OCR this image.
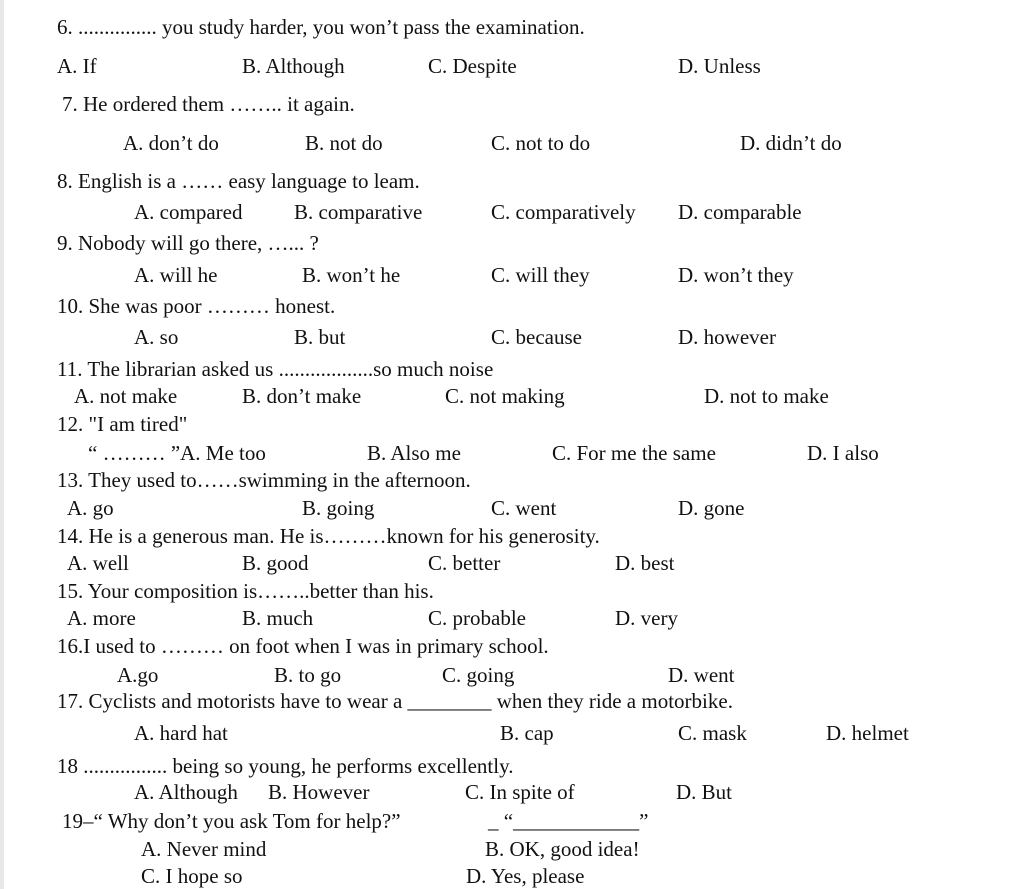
6. ............... you study harder, you won’t pass the examination.
A. If	B. Although	C. Despite	D. Unless
7. He ordered them …….. it again.
A. don’t do	B. not do	C. not to do	D. didn’t do
8. English is a …… easy language to leam.
A. compared B. comparative	C. comparatively D. comparable
9. Nobody will go there, …... ?
A. will he	B. won’t he	C. will they	D. won’t they
10. She was poor ……… honest.
A. so	B. but	C. because	D. however
11. The librarian asked us ..................so much noise
A. not make	B. don’t make	C. not making	D. not to make
12. "I am tired"
“ ……… ”A. Me too	B. Also me	C. For me the same	D. I also
13. They used to……swimming in the afternoon.
A. go	B. going	C. went	D. gone
14. He is a generous man. He is………known for his generosity.
A. well	B. good	C. better	D. best
15. Your composition is……..better than his.
A. more	B. much	C. probable	D. very
16.I used to ……… on foot when I was in primary school.
A.go	B. to go	C. going	D. went
17. Cyclists and motorists have to wear a ________ when they ride a motorbike.
A. hard hat	B. cap	C. mask	D. helmet
18 ................ being so young, he performs excellently.
A. Although B. However	C. In spite of	D. But
19–“ Why don’t you ask Tom for help?”	_ “____________”
A. Never mind	B. OK, good idea!
C. I hope so	D. Yes, please
